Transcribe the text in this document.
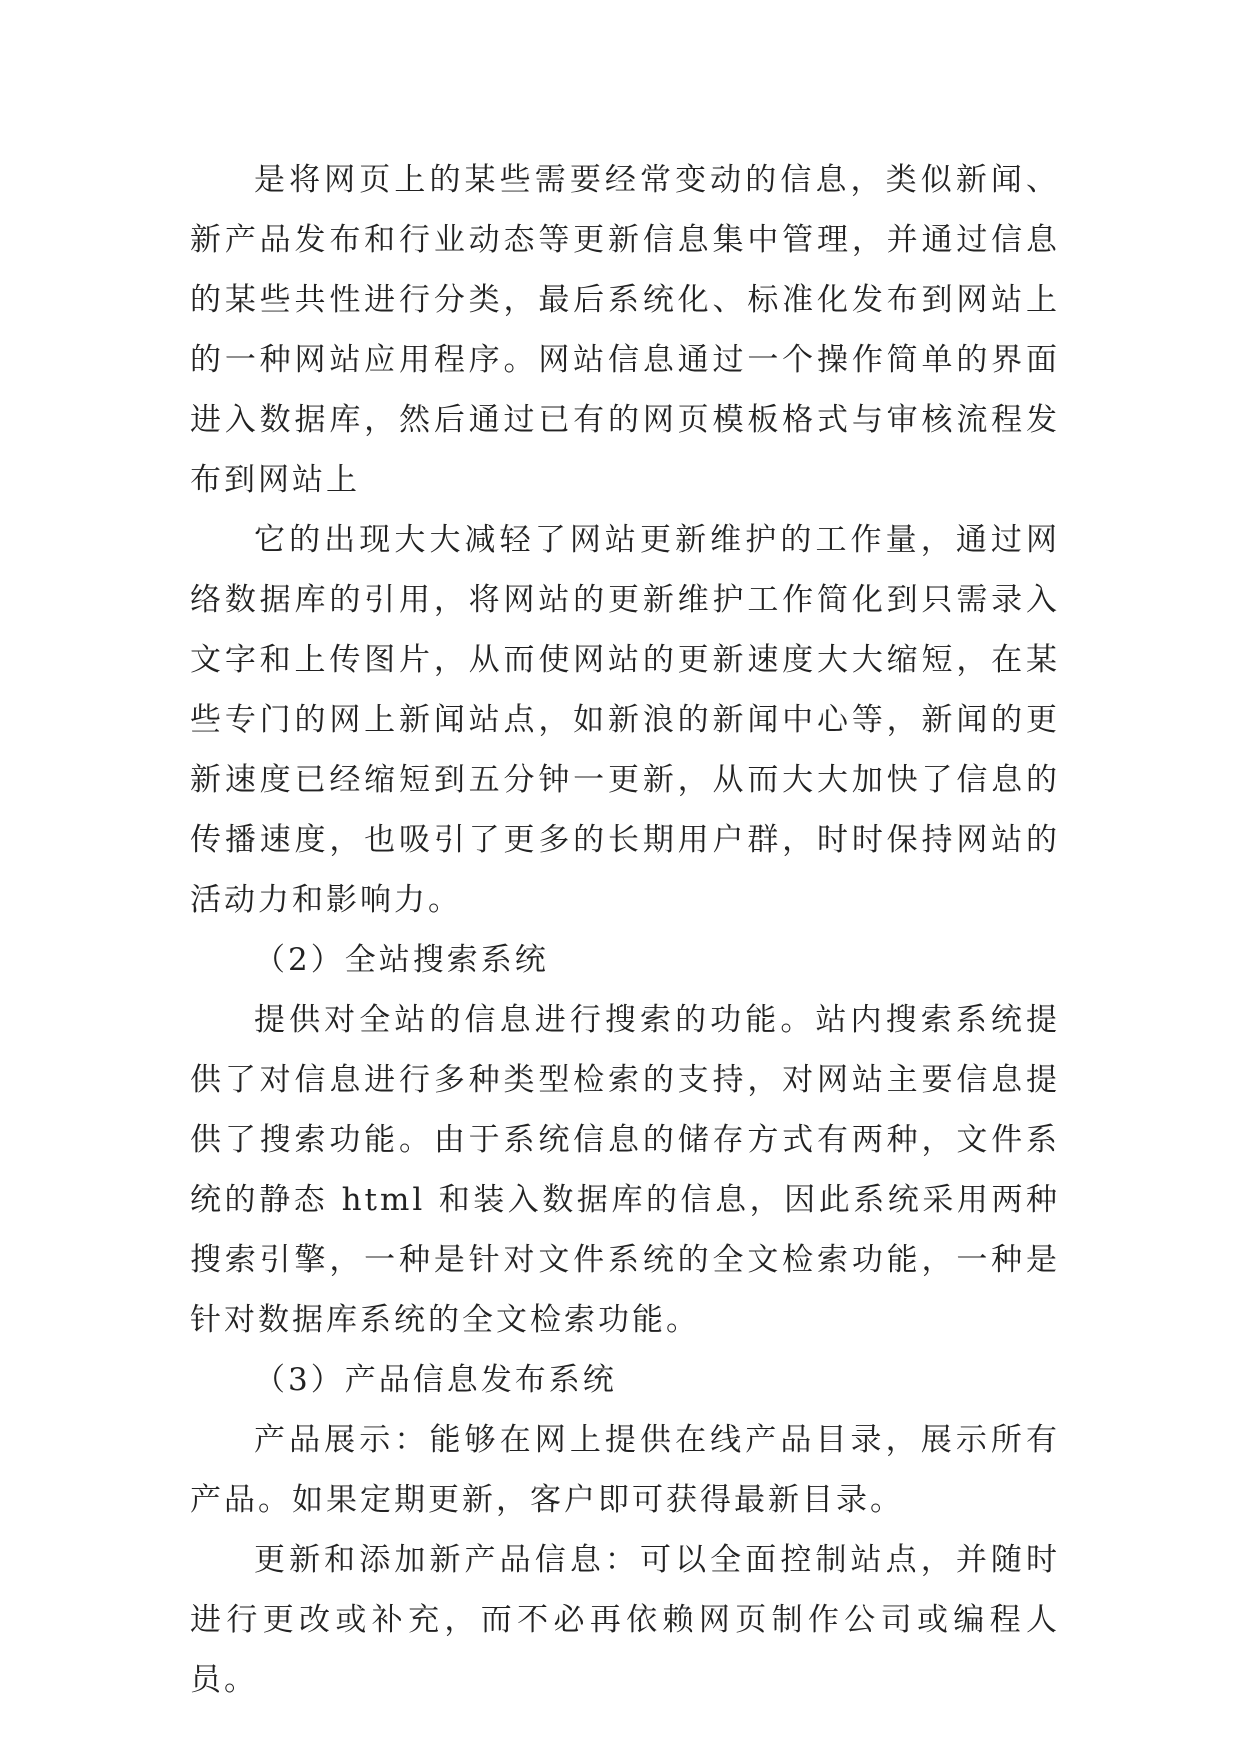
是将网页上的某些需要经常变动的信息，类似新闻、新产品发布和行业动态等更新信息集中管理，并通过信息的某些共性进行分类，最后系统化、标准化发布到网站上的一种网站应用程序。网站信息通过一个操作简单的界面进入数据库，然后通过已有的网页模板格式与审核流程发布到网站上

它的出现大大减轻了网站更新维护的工作量，通过网络数据库的引用，将网站的更新维护工作简化到只需录入文字和上传图片，从而使网站的更新速度大大缩短，在某些专门的网上新闻站点，如新浪的新闻中心等，新闻的更新速度已经缩短到五分钟一更新，从而大大加快了信息的传播速度，也吸引了更多的长期用户群，时时保持网站的活动力和影响力。

（2）全站搜索系统

提供对全站的信息进行搜索的功能。站内搜索系统提供了对信息进行多种类型检索的支持，对网站主要信息提供了搜索功能。由于系统信息的储存方式有两种，文件系统的静态 html 和装入数据库的信息，因此系统采用两种搜索引擎，一种是针对文件系统的全文检索功能，一种是针对数据库系统的全文检索功能。

（3）产品信息发布系统

产品展示：能够在网上提供在线产品目录，展示所有产品。如果定期更新，客户即可获得最新目录。

更新和添加新产品信息：可以全面控制站点，并随时进行更改或补充，而不必再依赖网页制作公司或编程人员。
